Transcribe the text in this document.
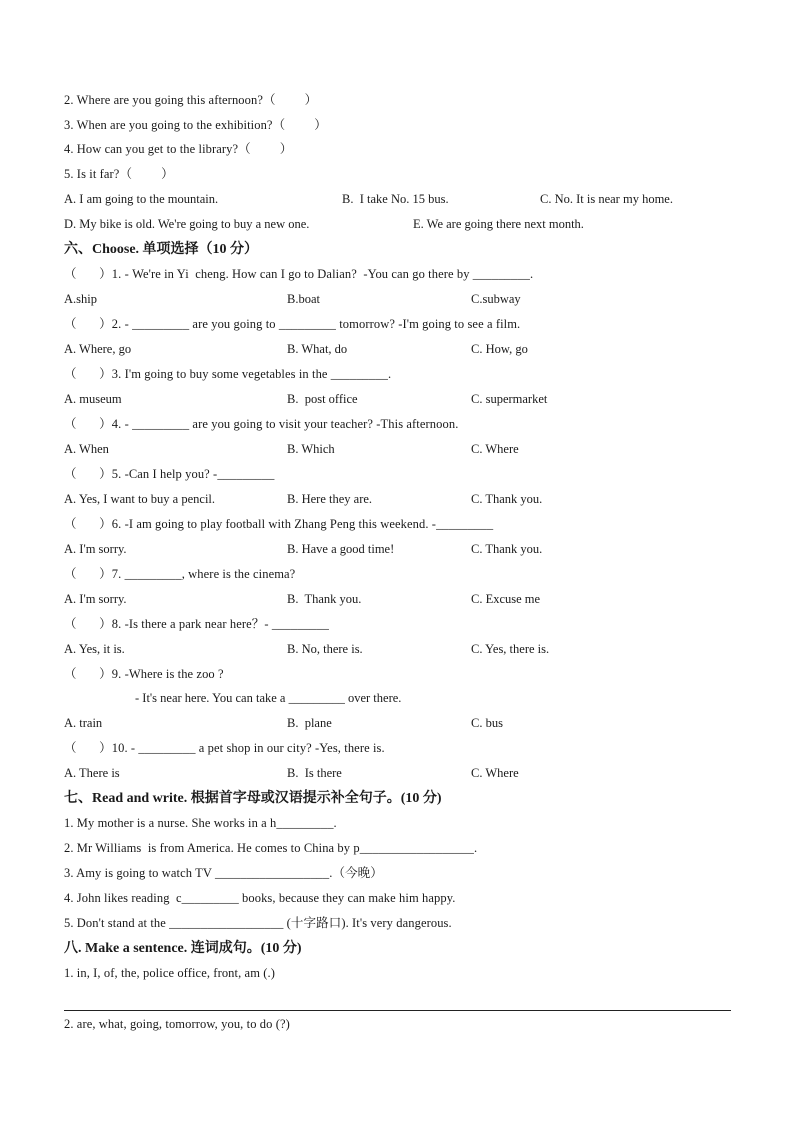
2. Where are you going this afternoon?（         ）
3. When are you going to the exhibition?（         ）
4. How can you get to the library?（         ）
5. Is it far?（         ）
A. I am going to the mountain.	B.  I take No. 15 bus.	C. No. It is near my home.
D. My bike is old. We're going to buy a new one.	E. We are going there next month.
六、Choose. 单项选择（10 分）
（       ）1. - We're in Yi  cheng. How can I go to Dalian?  -You can go there by _________.
A.ship	B.boat	C.subway
（       ）2. - _________ are you going to _________ tomorrow? -I'm going to see a film.
A. Where, go	B. What, do	C. How, go
（       ）3. I'm going to buy some vegetables in the _________.
A. museum	B.  post office	C. supermarket
（       ）4. - _________ are you going to visit your teacher? -This afternoon.
A. When	B. Which	C. Where
（       ）5. -Can I help you? -_________
A. Yes, I want to buy a pencil.	B. Here they are.	C. Thank you.
（       ）6. -I am going to play football with Zhang Peng this weekend. -_________
A. I'm sorry.	B. Have a good time!	C. Thank you.
（       ）7. _________, where is the cinema?
A. I'm sorry.	B.  Thank you.	C. Excuse me
（       ）8. -Is there a park near here？- _________
A. Yes, it is.	B. No, there is.	C. Yes, there is.
（       ）9. -Where is the zoo ?
- It's near here. You can take a _________ over there.
A. train	B.  plane	C. bus
（       ）10. - _________ a pet shop in our city? -Yes, there is.
A. There is	B.  Is there	C. Where
七、Read and write. 根据首字母或汉语提示补全句子。(10 分)
1. My mother is a nurse. She works in a h_________.
2. Mr Williams  is from America. He comes to China by p__________________.
3. Amy is going to watch TV __________________.（今晚）
4. John likes reading  c_________ books, because they can make him happy.
5. Don't stand at the __________________ (十字路口). It's very dangerous.
八. Make a sentence. 连词成句。(10 分)
1. in, I, of, the, police office, front, am (.)
2. are, what, going, tomorrow, you, to do (?)
